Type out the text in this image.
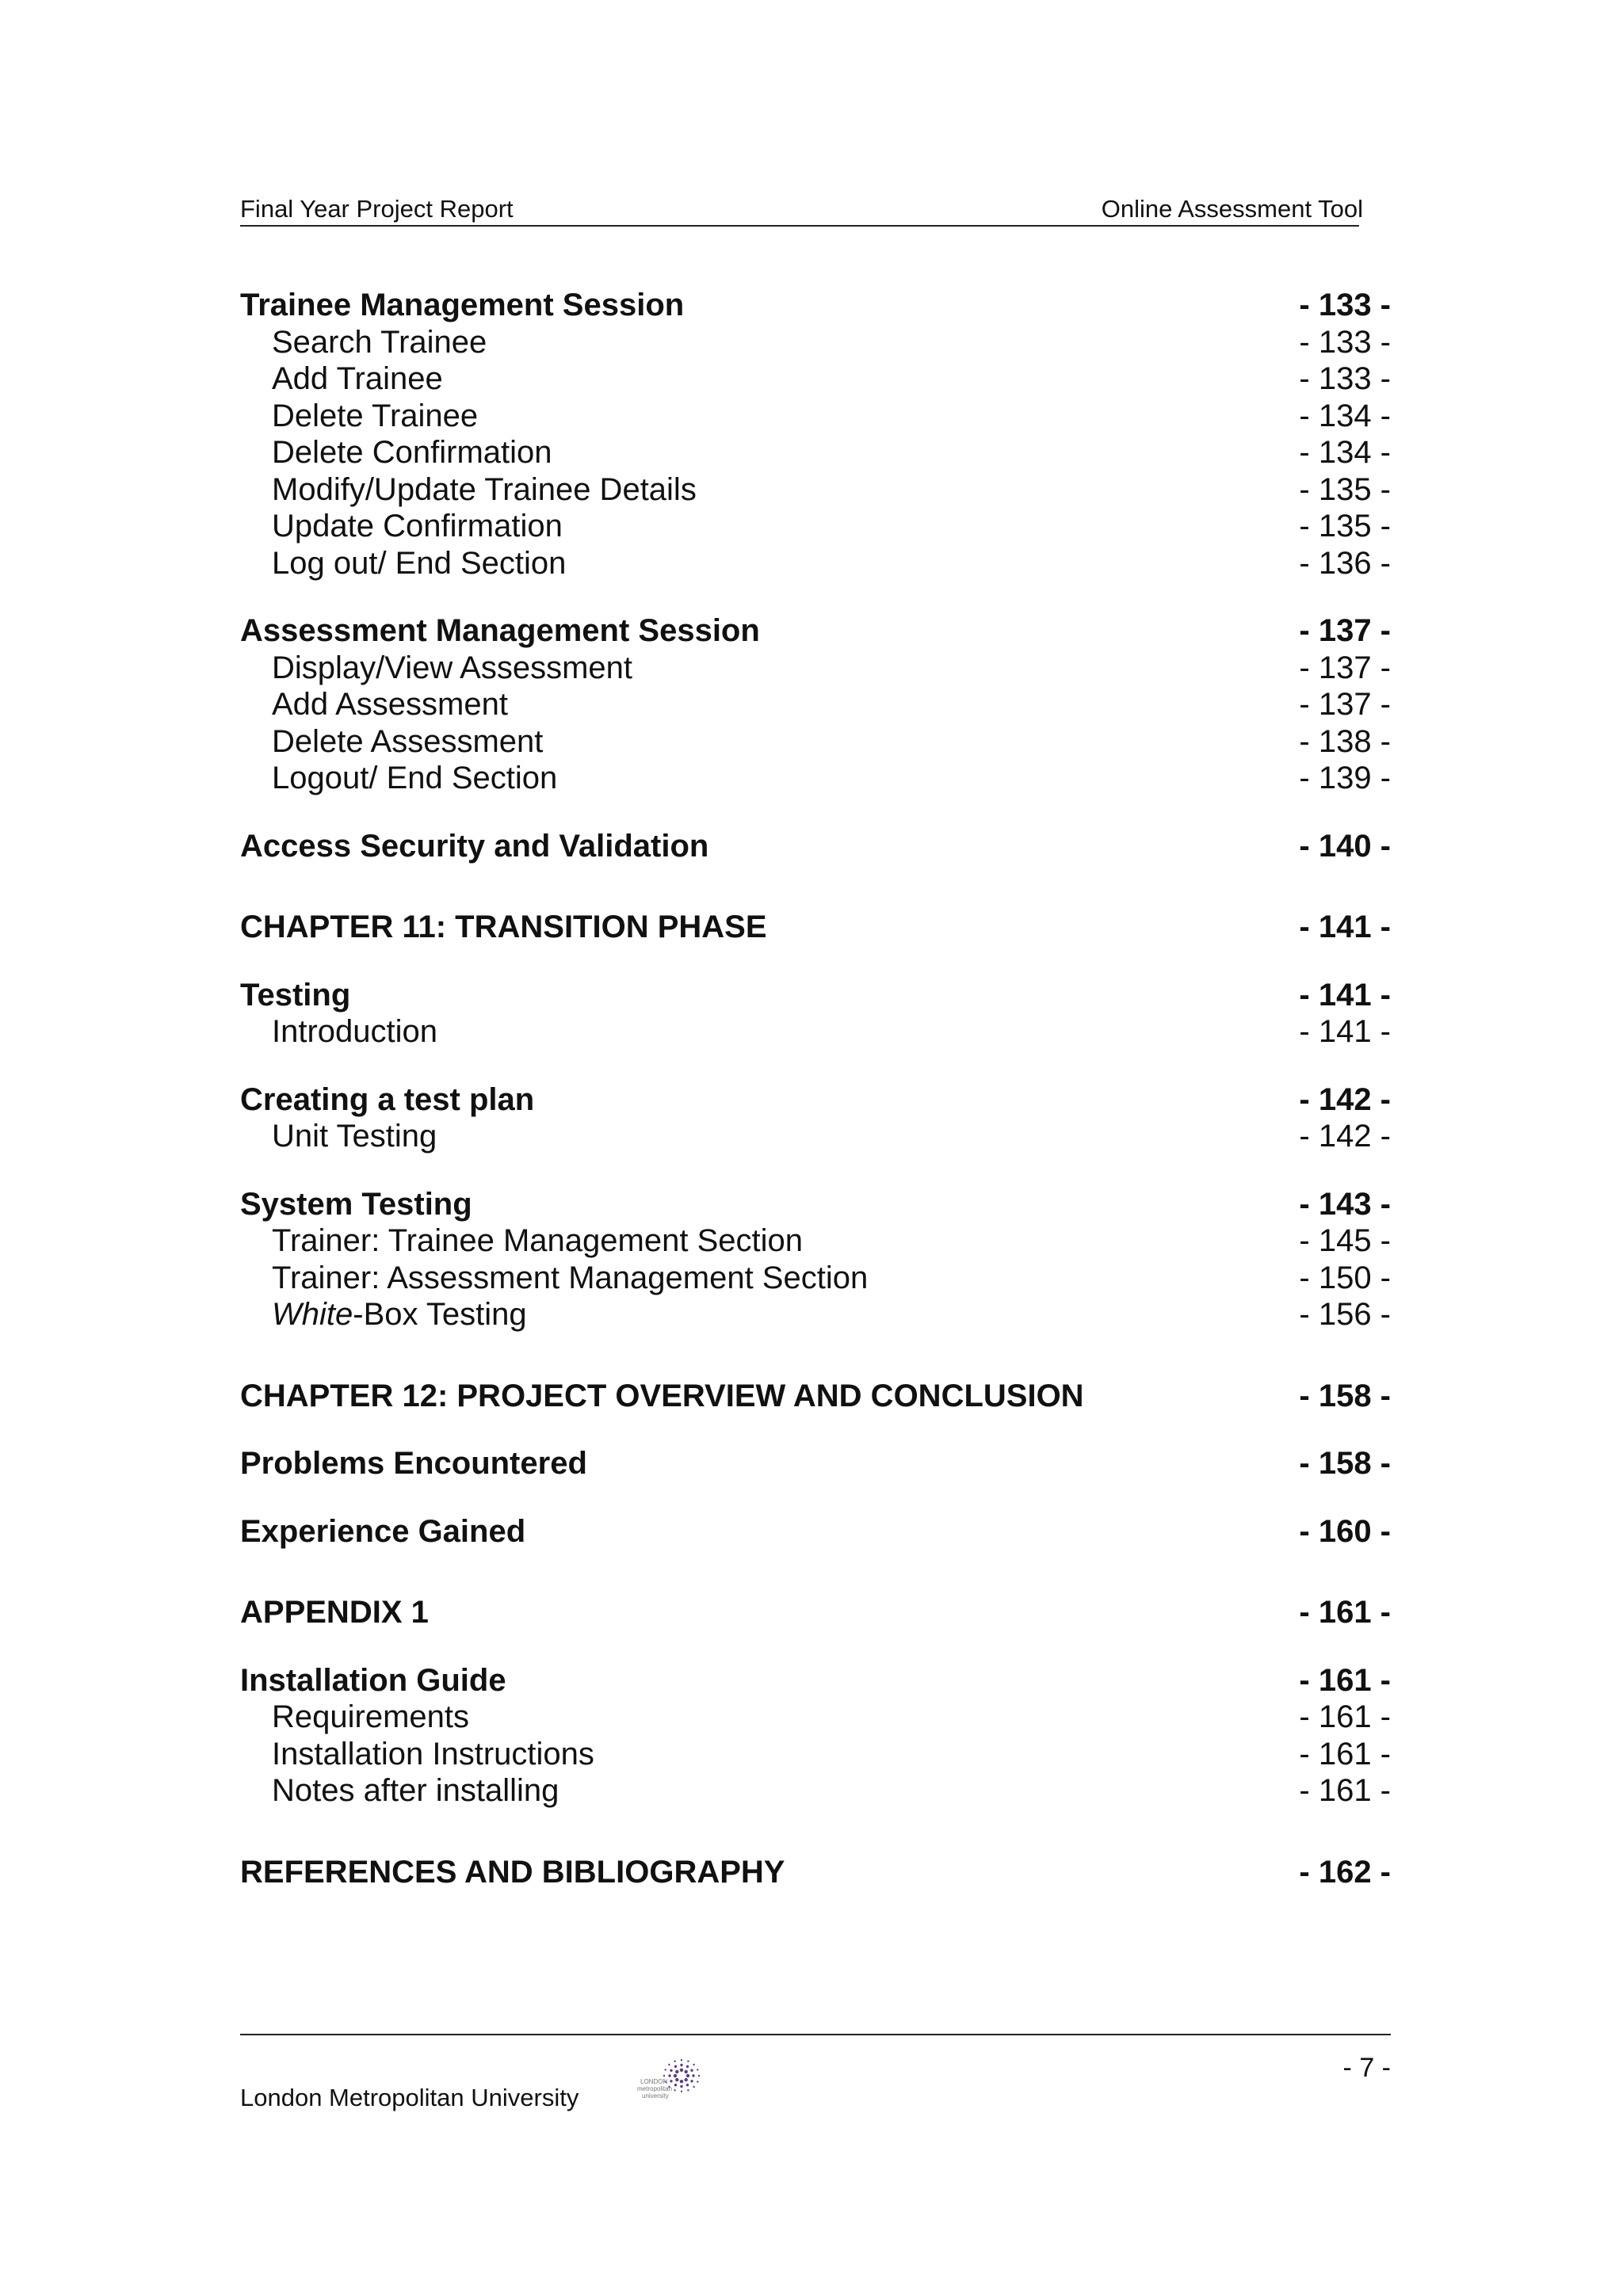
Final Year Project Report	Online Assessment Tool
Trainee Management Session	- 133 -
Search Trainee	- 133 -
Add Trainee	- 133 -
Delete Trainee	- 134 -
Delete Confirmation	- 134 -
Modify/Update Trainee Details	- 135 -
Update Confirmation	- 135 -
Log out/ End Section	- 136 -
Assessment Management Session	- 137 -
Display/View Assessment	- 137 -
Add Assessment	- 137 -
Delete Assessment	- 138 -
Logout/ End Section	- 139 -
Access Security and Validation	- 140 -
CHAPTER 11: TRANSITION PHASE	- 141 -
Testing	- 141 -
Introduction	- 141 -
Creating a test plan	- 142 -
Unit Testing	- 142 -
System Testing	- 143 -
Trainer: Trainee Management Section	- 145 -
Trainer: Assessment Management Section	- 150 -
White-Box Testing	- 156 -
CHAPTER 12: PROJECT OVERVIEW AND CONCLUSION	- 158 -
Problems Encountered	- 158 -
Experience Gained	- 160 -
APPENDIX 1	- 161 -
Installation Guide	- 161 -
Requirements	- 161 -
Installation Instructions	- 161 -
Notes after installing	- 161 -
REFERENCES AND BIBLIOGRAPHY	- 162 -
London Metropolitan University
LONDON
metropolitan
university
- 7 -
